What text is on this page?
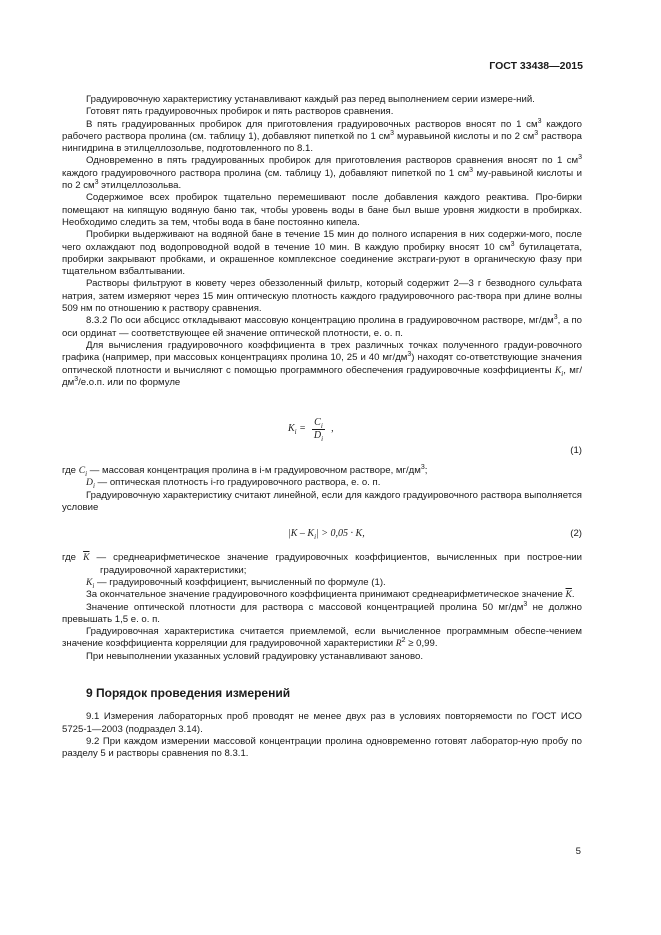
ГОСТ 33438—2015

Градуировочную характеристику устанавливают каждый раз перед выполнением серии измере-ний.

Готовят пять градуировочных пробирок и пять растворов сравнения.

В пять градуированных пробирок для приготовления градуировочных растворов вносят по 1 $см^3$ каждого рабочего раствора пролина (см. таблицу 1), добавляют пипеткой по 1 $см^3$ муравьиной кислоты и по 2 $см^3$ раствора нингидрина в этилцеллозольве, подготовленного по 8.1.

Одновременно в пять градуированных пробирок для приготовления растворов сравнения вносят по 1 $см^3$ каждого градуировочного раствора пролина (см. таблицу 1), добавляют пипеткой по 1 $см^3$ му-равьиной кислоты и по 2 $см^3$ этилцеллозольва.

Содержимое всех пробирок тщательно перемешивают после добавления каждого реактива. Про-бирки помещают на кипящую водяную баню так, чтобы уровень воды в бане был выше уровня жидкости в пробирках. Необходимо следить за тем, чтобы вода в бане постоянно кипела.

Пробирки выдерживают на водяной бане в течение 15 мин до полного испарения в них содержи-мого, после чего охлаждают под водопроводной водой в течение 10 мин. В каждую пробирку вносят 10 $см^3$ бутилацетата, пробирки закрывают пробками, и окрашенное комплексное соединение экстраги-руют в органическую фазу при тщательном взбалтывании.

Растворы фильтруют в кювету через обеззоленный фильтр, который содержит 2—3 г безводного сульфата натрия, затем измеряют через 15 мин оптическую плотность каждого градуировочного рас-твора при длине волны 509 нм по отношению к раствору сравнения.

8.3.2 По оси абсцисс откладывают массовую концентрацию пролина в градуировочном растворе, $мг/дм^3$, а по оси ординат — соответствующее ей значение оптической плотности, е. о. п.

Для вычисления градуировочного коэффициента в трех различных точках полученного градуи-ровочного графика (например, при массовых концентрациях пролина 10, 25 и 40 $мг/дм^3$) находят со-ответствующие значения оптической плотности и вычисляют с помощью программного обеспечения градуировочные коэффициенты $K_i$, $мг/дм^3/е.о.п$. или по формуле

$K_i = \frac{C_i}{D_i}$ ,
(1)

где $C_i$ — массовая концентрация пролина в i-м градуировочном растворе, $мг/дм^3$;

$D_i$ — оптическая плотность i-го градуировочного раствора, е. о. п.

Градуировочную характеристику считают линейной, если для каждого градуировочного раствора выполняется условие

$|K - K_i| > 0,05 \cdot K$,	(2)

где $\overline{K}$ — среднеарифметическое значение градуировочных коэффициентов, вычисленных при построе-нии градуировочной характеристики;

$K_i$ — градуировочный коэффициент, вычисленный по формуле (1).

За окончательное значение градуировочного коэффициента принимают среднеарифметическое значение $\overline{K}$.

Значение оптической плотности для раствора с массовой концентрацией пролина 50 $мг/дм^3$ не должно превышать 1,5 е. о. п.

Градуировочная характеристика считается приемлемой, если вычисленное программным обеспе-чением значение коэффициента корреляции для градуировочной характеристики $R^2 \ge 0,99$.

При невыполнении указанных условий градуировку устанавливают заново.

9 Порядок проведения измерений

9.1 Измерения лабораторных проб проводят не менее двух раз в условиях повторяемости по ГОСТ ИСО 5725-1—2003 (подраздел 3.14).

9.2 При каждом измерении массовой концентрации пролина одновременно готовят лаборатор-ную пробу по разделу 5 и растворы сравнения по 8.3.1.

5
